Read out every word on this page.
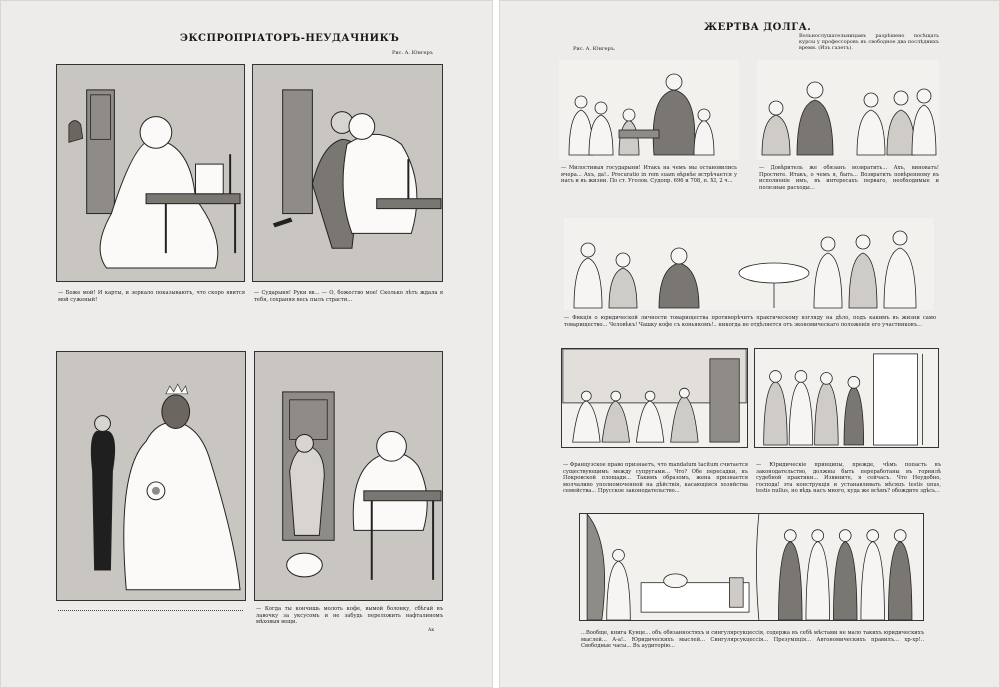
ЭКСПРОПРІАТОРЪ-НЕУДАЧНИКЪ
Рис. А. Юнгеръ
— Боже мой! И карты, и зеркало показываютъ, что скоро явится мой суженый!
— Сударыня! Руки вв... — О, божество мое! Сколько лѣтъ ждала я тебя, сохраняя весь пылъ страсти...
— Когда ты кончишь молоть кофе, вымой болонку, сбѣгай въ лавочку за уксусомъ и не забудь переложить нафталиномъ мѣховыя вещи.
Ак
ЖЕРТВА ДОЛГА.
Рис. А. Юнгеръ.
Вольнослушательницамъ разрѣшено посѣщать курсы у профессоровъ въ свободное два послѣднихъ время. (Изъ газетъ).
— Милостивыя государыни! Итакъ на чемъ мы остановились вчера... Ахъ, да!.. Procuratio in rem suam вѣрнѣе встрѣчается у насъ и въ жизни. По ст. Уголов. Судопр. 696 и 708, п. XI, 2 ч...
— Довѣритель же обязанъ возвратить... Ахъ, виноватъ! Простите. Итакъ, о чемъ я, быть... Возвратить повѣренному въ исполненіе имъ, въ интересахъ перваго, необходимые и полезные расходы...
— Фикція о юридической личности товарищества противорѣчитъ практическому взгляду на дѣло, подъ какимъ въ жизни само товарищество... Человѣкъ! Чашку кофе съ коньякомъ!.. никогда не отдѣляется отъ экономическаго положенія его участниковъ...
— Французское право признаетъ, что mandatum tacitum считается существующимъ между супругами... Что? Обе пересадки, къ Покровской площади... Такимъ образомъ, жена признается молчаливо уполномоченной на дѣйствія, касающіяся хозяйства семейства... Прусское законодательство...
— Юридическіе принципы, прежде, чѣмъ попасть въ законодательство, должны быть переработаны въ горнилѣ судебной практики... Извините, я сейчасъ. Что Неудобно, господа! эта конструкція и устанавливать мѣсяцъ testis unus, testis nullus, но вѣдь насъ много, куда же всѣмъ? обождите здѣсь...
...Вообще, книга Кунце... объ обязанностяхъ и сингулярсукцессія, содержа въ себѣ мѣстами не мало такихъ юридическихъ мыслей... А-а!.. Юридическихъ мыслей... Сингулярсукцессія... Презумпція... Автономическихъ правилъ... хр-хр!.. Свободные часы... Въ аудиторію...
